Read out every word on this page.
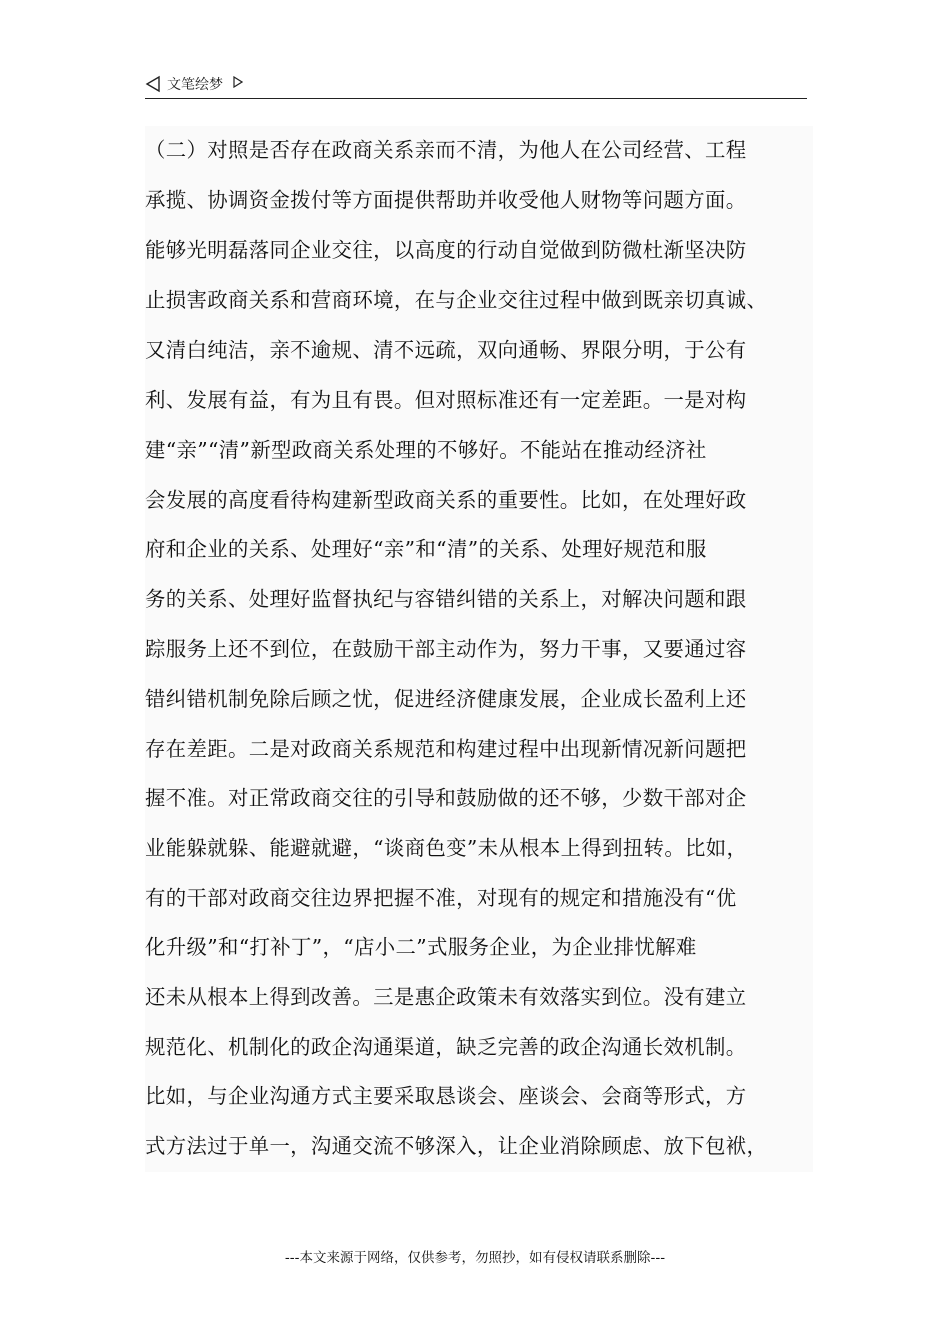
文笔绘梦
（二）对照是否存在政商关系亲而不清，为他人在公司经营、工程
承揽、协调资金拨付等方面提供帮助并收受他人财物等问题方面。
能够光明磊落同企业交往，以高度的行动自觉做到防微杜渐坚决防
止损害政商关系和营商环境，在与企业交往过程中做到既亲切真诚、
又清白纯洁，亲不逾规、清不远疏，双向通畅、界限分明，于公有
利、发展有益，有为且有畏。但对照标准还有一定差距。一是对构
建“亲”“清”新型政商关系处理的不够好。不能站在推动经济社
会发展的高度看待构建新型政商关系的重要性。比如，在处理好政
府和企业的关系、处理好“亲”和“清”的关系、处理好规范和服
务的关系、处理好监督执纪与容错纠错的关系上，对解决问题和跟
踪服务上还不到位，在鼓励干部主动作为，努力干事，又要通过容
错纠错机制免除后顾之忧，促进经济健康发展，企业成长盈利上还
存在差距。二是对政商关系规范和构建过程中出现新情况新问题把
握不准。对正常政商交往的引导和鼓励做的还不够，少数干部对企
业能躲就躲、能避就避，“谈商色变”未从根本上得到扭转。比如，
有的干部对政商交往边界把握不准，对现有的规定和措施没有“优
化升级”和“打补丁”，“店小二”式服务企业，为企业排忧解难
还未从根本上得到改善。三是惠企政策未有效落实到位。没有建立
规范化、机制化的政企沟通渠道，缺乏完善的政企沟通长效机制。
比如，与企业沟通方式主要采取恳谈会、座谈会、会商等形式，方
式方法过于单一，沟通交流不够深入，让企业消除顾虑、放下包袱，
---本文来源于网络，仅供参考，勿照抄，如有侵权请联系删除---
